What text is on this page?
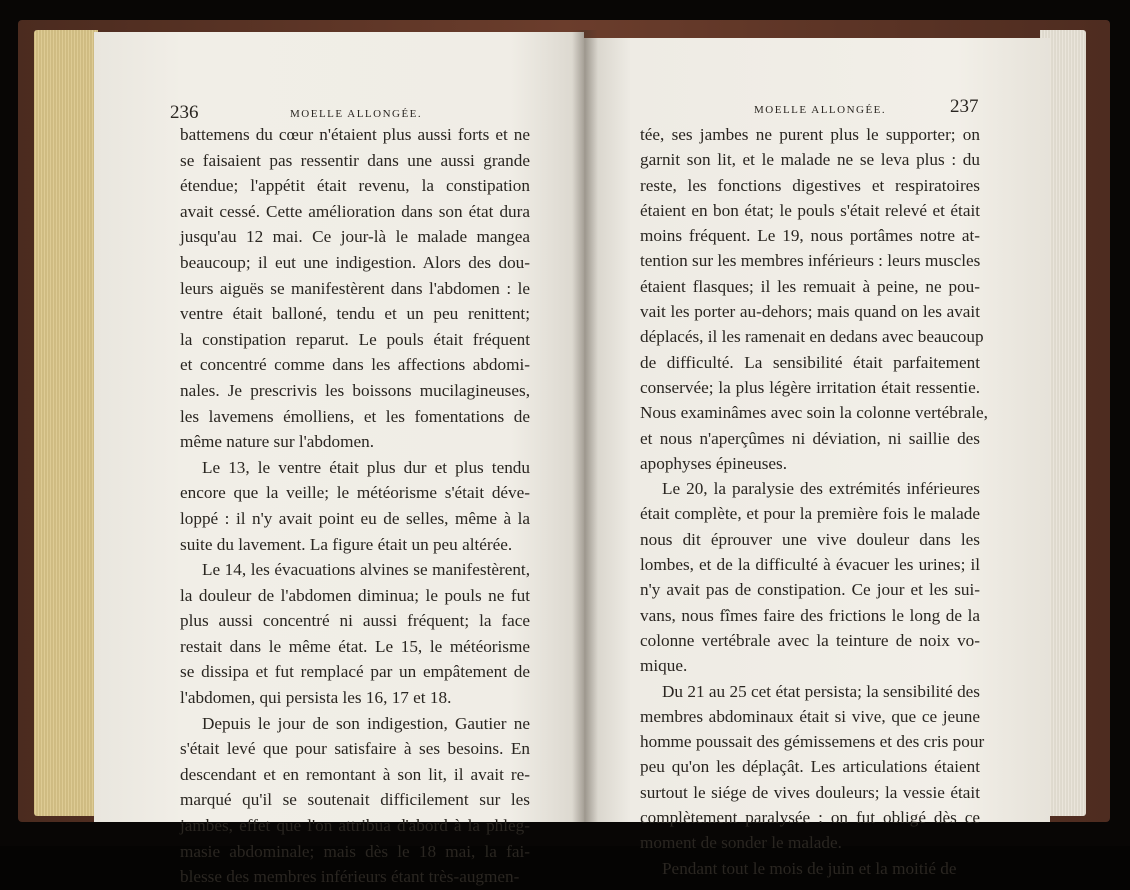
236	MOELLE ALLONGÉE.
battemens du cœur n'étaient plus aussi forts et ne
se faisaient pas ressentir dans une aussi grande
étendue; l'appétit était revenu, la constipation
avait cessé. Cette amélioration dans son état dura
jusqu'au 12 mai. Ce jour-là le malade mangea
beaucoup; il eut une indigestion. Alors des dou-
leurs aiguës se manifestèrent dans l'abdomen : le
ventre était balloné, tendu et un peu renittent;
la constipation reparut. Le pouls était fréquent
et concentré comme dans les affections abdomi-
nales. Je prescrivis les boissons mucilagineuses,
les lavemens émolliens, et les fomentations de
même nature sur l'abdomen.
Le 13, le ventre était plus dur et plus tendu
encore que la veille; le météorisme s'était déve-
loppé : il n'y avait point eu de selles, même à la
suite du lavement. La figure était un peu altérée.
Le 14, les évacuations alvines se manifestèrent,
la douleur de l'abdomen diminua; le pouls ne fut
plus aussi concentré ni aussi fréquent; la face
restait dans le même état. Le 15, le météorisme
se dissipa et fut remplacé par un empâtement de
l'abdomen, qui persista les 16, 17 et 18.
Depuis le jour de son indigestion, Gautier ne
s'était levé que pour satisfaire à ses besoins. En
descendant et en remontant à son lit, il avait re-
marqué qu'il se soutenait difficilement sur les
jambes, effet que l'on attribua d'abord à la phleg-
masie abdominale; mais dès le 18 mai, la fai-
blesse des membres inférieurs étant très-augmen-
MOELLE ALLONGÉE.	237
tée, ses jambes ne purent plus le supporter; on
garnit son lit, et le malade ne se leva plus : du
reste, les fonctions digestives et respiratoires
étaient en bon état; le pouls s'était relevé et était
moins fréquent. Le 19, nous portâmes notre at-
tention sur les membres inférieurs : leurs muscles
étaient flasques; il les remuait à peine, ne pou-
vait les porter au-dehors; mais quand on les avait
déplacés, il les ramenait en dedans avec beaucoup
de difficulté. La sensibilité était parfaitement
conservée; la plus légère irritation était ressentie.
Nous examinâmes avec soin la colonne vertébrale,
et nous n'aperçûmes ni déviation, ni saillie des
apophyses épineuses.
Le 20, la paralysie des extrémités inférieures
était complète, et pour la première fois le malade
nous dit éprouver une vive douleur dans les
lombes, et de la difficulté à évacuer les urines; il
n'y avait pas de constipation. Ce jour et les sui-
vans, nous fîmes faire des frictions le long de la
colonne vertébrale avec la teinture de noix vo-
mique.
Du 21 au 25 cet état persista; la sensibilité des
membres abdominaux était si vive, que ce jeune
homme poussait des gémissemens et des cris pour
peu qu'on les déplaçât. Les articulations étaient
surtout le siége de vives douleurs; la vessie était
complètement paralysée : on fut obligé dès ce
moment de sonder le malade.
Pendant tout le mois de juin et la moitié de
